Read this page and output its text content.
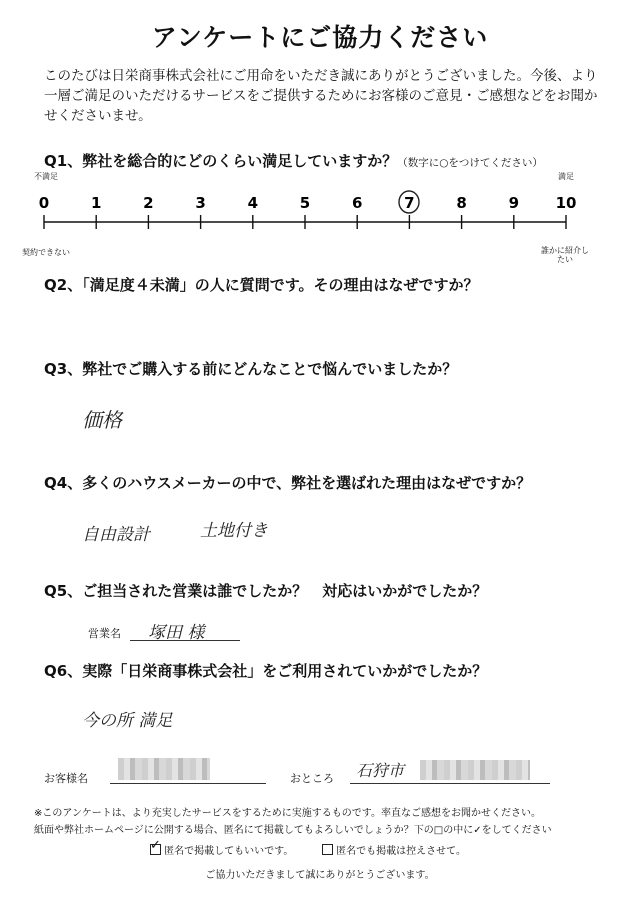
アンケートにご協力ください
このたびは日栄商事株式会社にご用命をいただき誠にありがとうございました。今後、より一層ご満足のいただけるサービスをご提供するためにお客様のご意見・ご感想などをお聞かせくださいませ。
Q1、弊社を総合的にどのくらい満足していますか？（数字に○をつけてください）
0	1	2	3	4	5	6	7	8	9 10
不満足	満足
契約できない	誰かに紹介したい
Q2、「満足度４未満」の人に質問です。その理由はなぜですか？
Q3、弊社でご購入する前にどんなことで悩んでいましたか？
価格
Q4、多くのハウスメーカーの中で、弊社を選ばれた理由はなぜですか？
自由設計	土地付き
Q5、ご担当された営業は誰でしたか？　対応はいかがでしたか？
営業名 塚田 様
Q6、実際「日栄商事株式会社」をご利用されていかがでしたか？
今の所 満足
お客様名	おところ 石狩市
※このアンケートは、より充実したサービスをするために実施するものです。率直なご感想をお聞かせください。
紙面や弊社ホームページに公開する場合、匿名にて掲載してもよろしいでしょうか？下の□の中に✓をしてください
✓ 匿名で掲載してもいいです。	匿名でも掲載は控えさせて。
ご協力いただきまして誠にありがとうございます。
